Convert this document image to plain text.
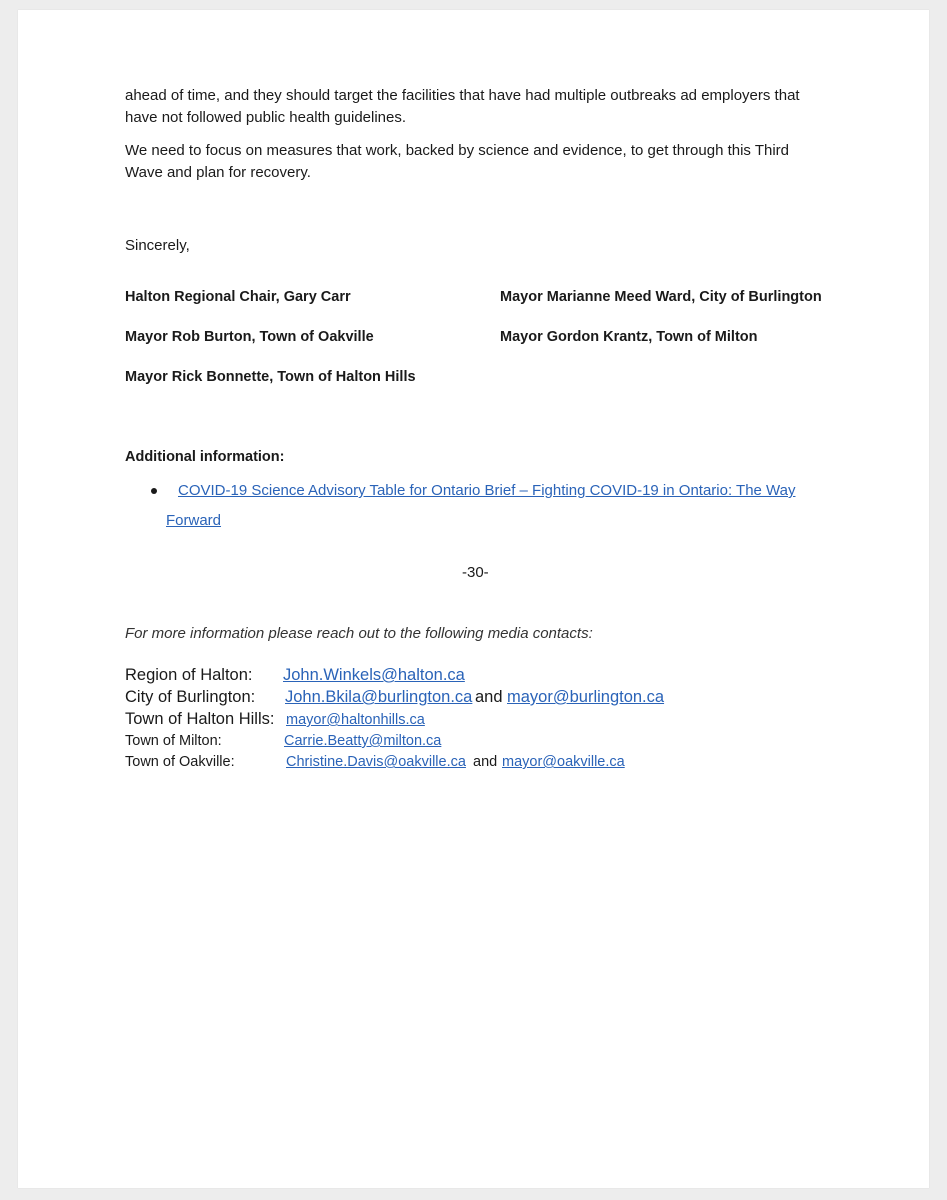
ahead of time, and they should target the facilities that have had multiple outbreaks ad employers that
have not followed public health guidelines.
We need to focus on measures that work, backed by science and evidence, to get through this Third
Wave and plan for recovery.
Sincerely,
Halton Regional Chair, Gary Carr	Mayor Marianne Meed Ward, City of Burlington
Mayor Rob Burton, Town of Oakville	Mayor Gordon Krantz, Town of Milton
Mayor Rick Bonnette, Town of Halton Hills
Additional information:
COVID-19 Science Advisory Table for Ontario Brief – Fighting COVID-19 in Ontario: The Way
Forward
-30-
For more information please reach out to the following media contacts:
Region of Halton: John.Winkels@halton.ca
City of Burlington: John.Bkila@burlington.ca and mayor@burlington.ca
Town of Halton Hills: mayor@haltonhills.ca
Town of Milton:	Carrie.Beatty@milton.ca
Town of Oakville:	Christine.Davis@oakville.ca and mayor@oakville.ca
